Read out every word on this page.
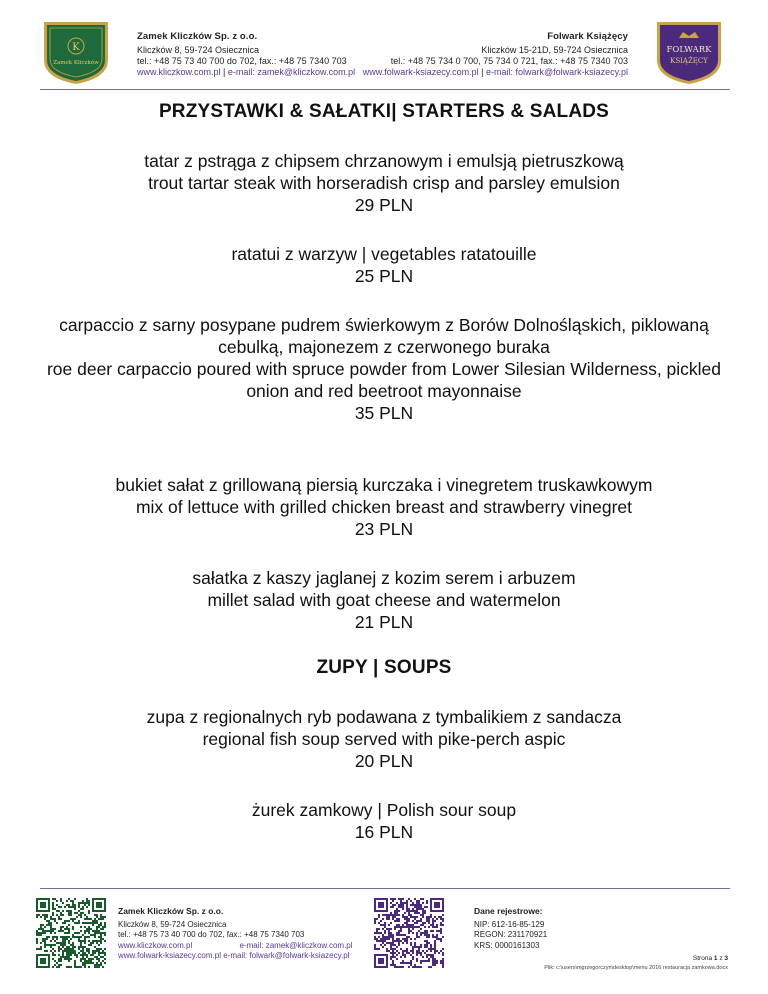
K
Zamek Kliczków
Zamek Kliczków Sp. z o.o.
Kliczków 8, 59-724 Osiecznica
tel.: +48 75 73 40 700 do 702, fax.: +48 75 7340 703
www.kliczkow.com.pl | e-mail: zamek@kliczkow.com.pl
Folwark Książęcy
Kliczków 15-21D, 59-724 Osiecznica
tel.: +48 75 734 0 700, 75 734 0 721, fax.: +48 75 7340 703
www.folwark-ksiazecy.com.pl | e-mail: folwark@folwark-ksiazecy.pl
FOLWARK
KSIĄŻĘCY
PRZYSTAWKI & SAŁATKI| STARTERS & SALADS
tatar z pstrąga z chipsem chrzanowym i emulsją pietruszkową
trout tartar steak with horseradish crisp and parsley emulsion
29 PLN
ratatui z warzyw | vegetables ratatouille
25 PLN
carpaccio z sarny posypane pudrem świerkowym z Borów Dolnośląskich, piklowaną
cebulką, majonezem z czerwonego buraka
roe deer carpaccio poured with spruce powder from Lower Silesian Wilderness, pickled
onion and red beetroot mayonnaise
35 PLN
bukiet sałat z grillowaną piersią kurczaka i vinegretem truskawkowym
mix of lettuce with grilled chicken breast and strawberry vinegret
23 PLN
sałatka z kaszy jaglanej z kozim serem i arbuzem
millet salad with goat cheese and watermelon
21 PLN
ZUPY | SOUPS
zupa z regionalnych ryb podawana z tymbalikiem z sandacza
regional fish soup served with pike-perch aspic
20 PLN
żurek zamkowy | Polish sour soup
16 PLN
Zamek Kliczków Sp. z o.o.
Kliczków 8, 59-724 Osiecznica
tel.: +48 75 73 40 700 do 702, fax.: +48 75 7340 703
www.kliczkow.com.pl	e-mail: zamek@kliczkow.com.pl
www.folwark-ksiazecy.com.pl e-mail: folwark@folwark-ksiazecy.pl
Dane rejestrowe:
NIP: 612-16-85-129
REGON: 231170921
KRS: 0000161303
Strona 1 z 3
Plik: c:\users\mgrzegorczyn\desktop\menu 2016 restauracja zamkowa.docx
